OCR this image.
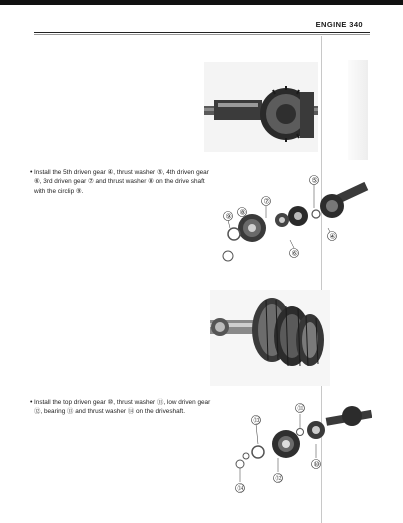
ENGINE 340
• Install the 5th driven gear ④, thrust washer ⑤, 4th driven gear ⑥, 3rd driven gear ⑦ and thrust washer ⑧ on the drive shaft with the circlip ⑨.
⑤
⑦
⑧
⑨
④
⑥
• Install the top driven gear ⑩, thrust washer ⑪, low driven gear ⑫, bearing ⑬ and thrust washer ⑭ on the driveshaft.
⑬
⑪
⑩
⑫
⑭
